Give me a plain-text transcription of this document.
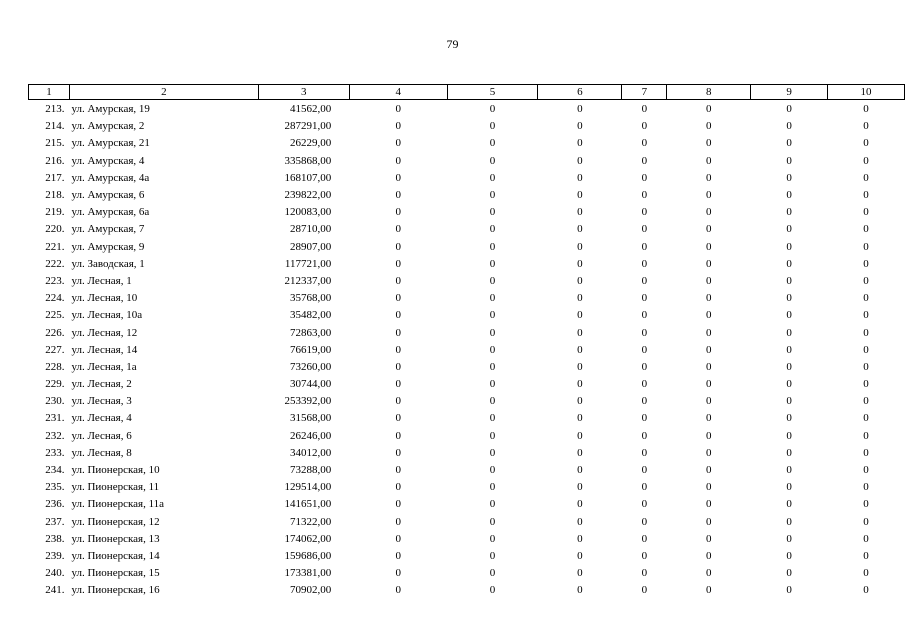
79
1	2	3	4	5	6	7	8	9	10
213.	ул. Амурская, 19	41562,00	0	0	0	0	0	0	0
214.	ул. Амурская, 2	287291,00	0	0	0	0	0	0	0
215.	ул. Амурская, 21	26229,00	0	0	0	0	0	0	0
216.	ул. Амурская, 4	335868,00	0	0	0	0	0	0	0
217.	ул. Амурская, 4а	168107,00	0	0	0	0	0	0	0
218.	ул. Амурская, 6	239822,00	0	0	0	0	0	0	0
219.	ул. Амурская, 6а	120083,00	0	0	0	0	0	0	0
220.	ул. Амурская, 7	28710,00	0	0	0	0	0	0	0
221.	ул. Амурская, 9	28907,00	0	0	0	0	0	0	0
222.	ул. Заводская, 1	117721,00	0	0	0	0	0	0	0
223.	ул. Лесная, 1	212337,00	0	0	0	0	0	0	0
224.	ул. Лесная, 10	35768,00	0	0	0	0	0	0	0
225.	ул. Лесная, 10а	35482,00	0	0	0	0	0	0	0
226.	ул. Лесная, 12	72863,00	0	0	0	0	0	0	0
227.	ул. Лесная, 14	76619,00	0	0	0	0	0	0	0
228.	ул. Лесная, 1а	73260,00	0	0	0	0	0	0	0
229.	ул. Лесная, 2	30744,00	0	0	0	0	0	0	0
230.	ул. Лесная, 3	253392,00	0	0	0	0	0	0	0
231.	ул. Лесная, 4	31568,00	0	0	0	0	0	0	0
232.	ул. Лесная, 6	26246,00	0	0	0	0	0	0	0
233.	ул. Лесная, 8	34012,00	0	0	0	0	0	0	0
234.	ул. Пионерская, 10	73288,00	0	0	0	0	0	0	0
235.	ул. Пионерская, 11	129514,00	0	0	0	0	0	0	0
236.	ул. Пионерская, 11а	141651,00	0	0	0	0	0	0	0
237.	ул. Пионерская, 12	71322,00	0	0	0	0	0	0	0
238.	ул. Пионерская, 13	174062,00	0	0	0	0	0	0	0
239.	ул. Пионерская, 14	159686,00	0	0	0	0	0	0	0
240.	ул. Пионерская, 15	173381,00	0	0	0	0	0	0	0
241.	ул. Пионерская, 16	70902,00	0	0	0	0	0	0	0
